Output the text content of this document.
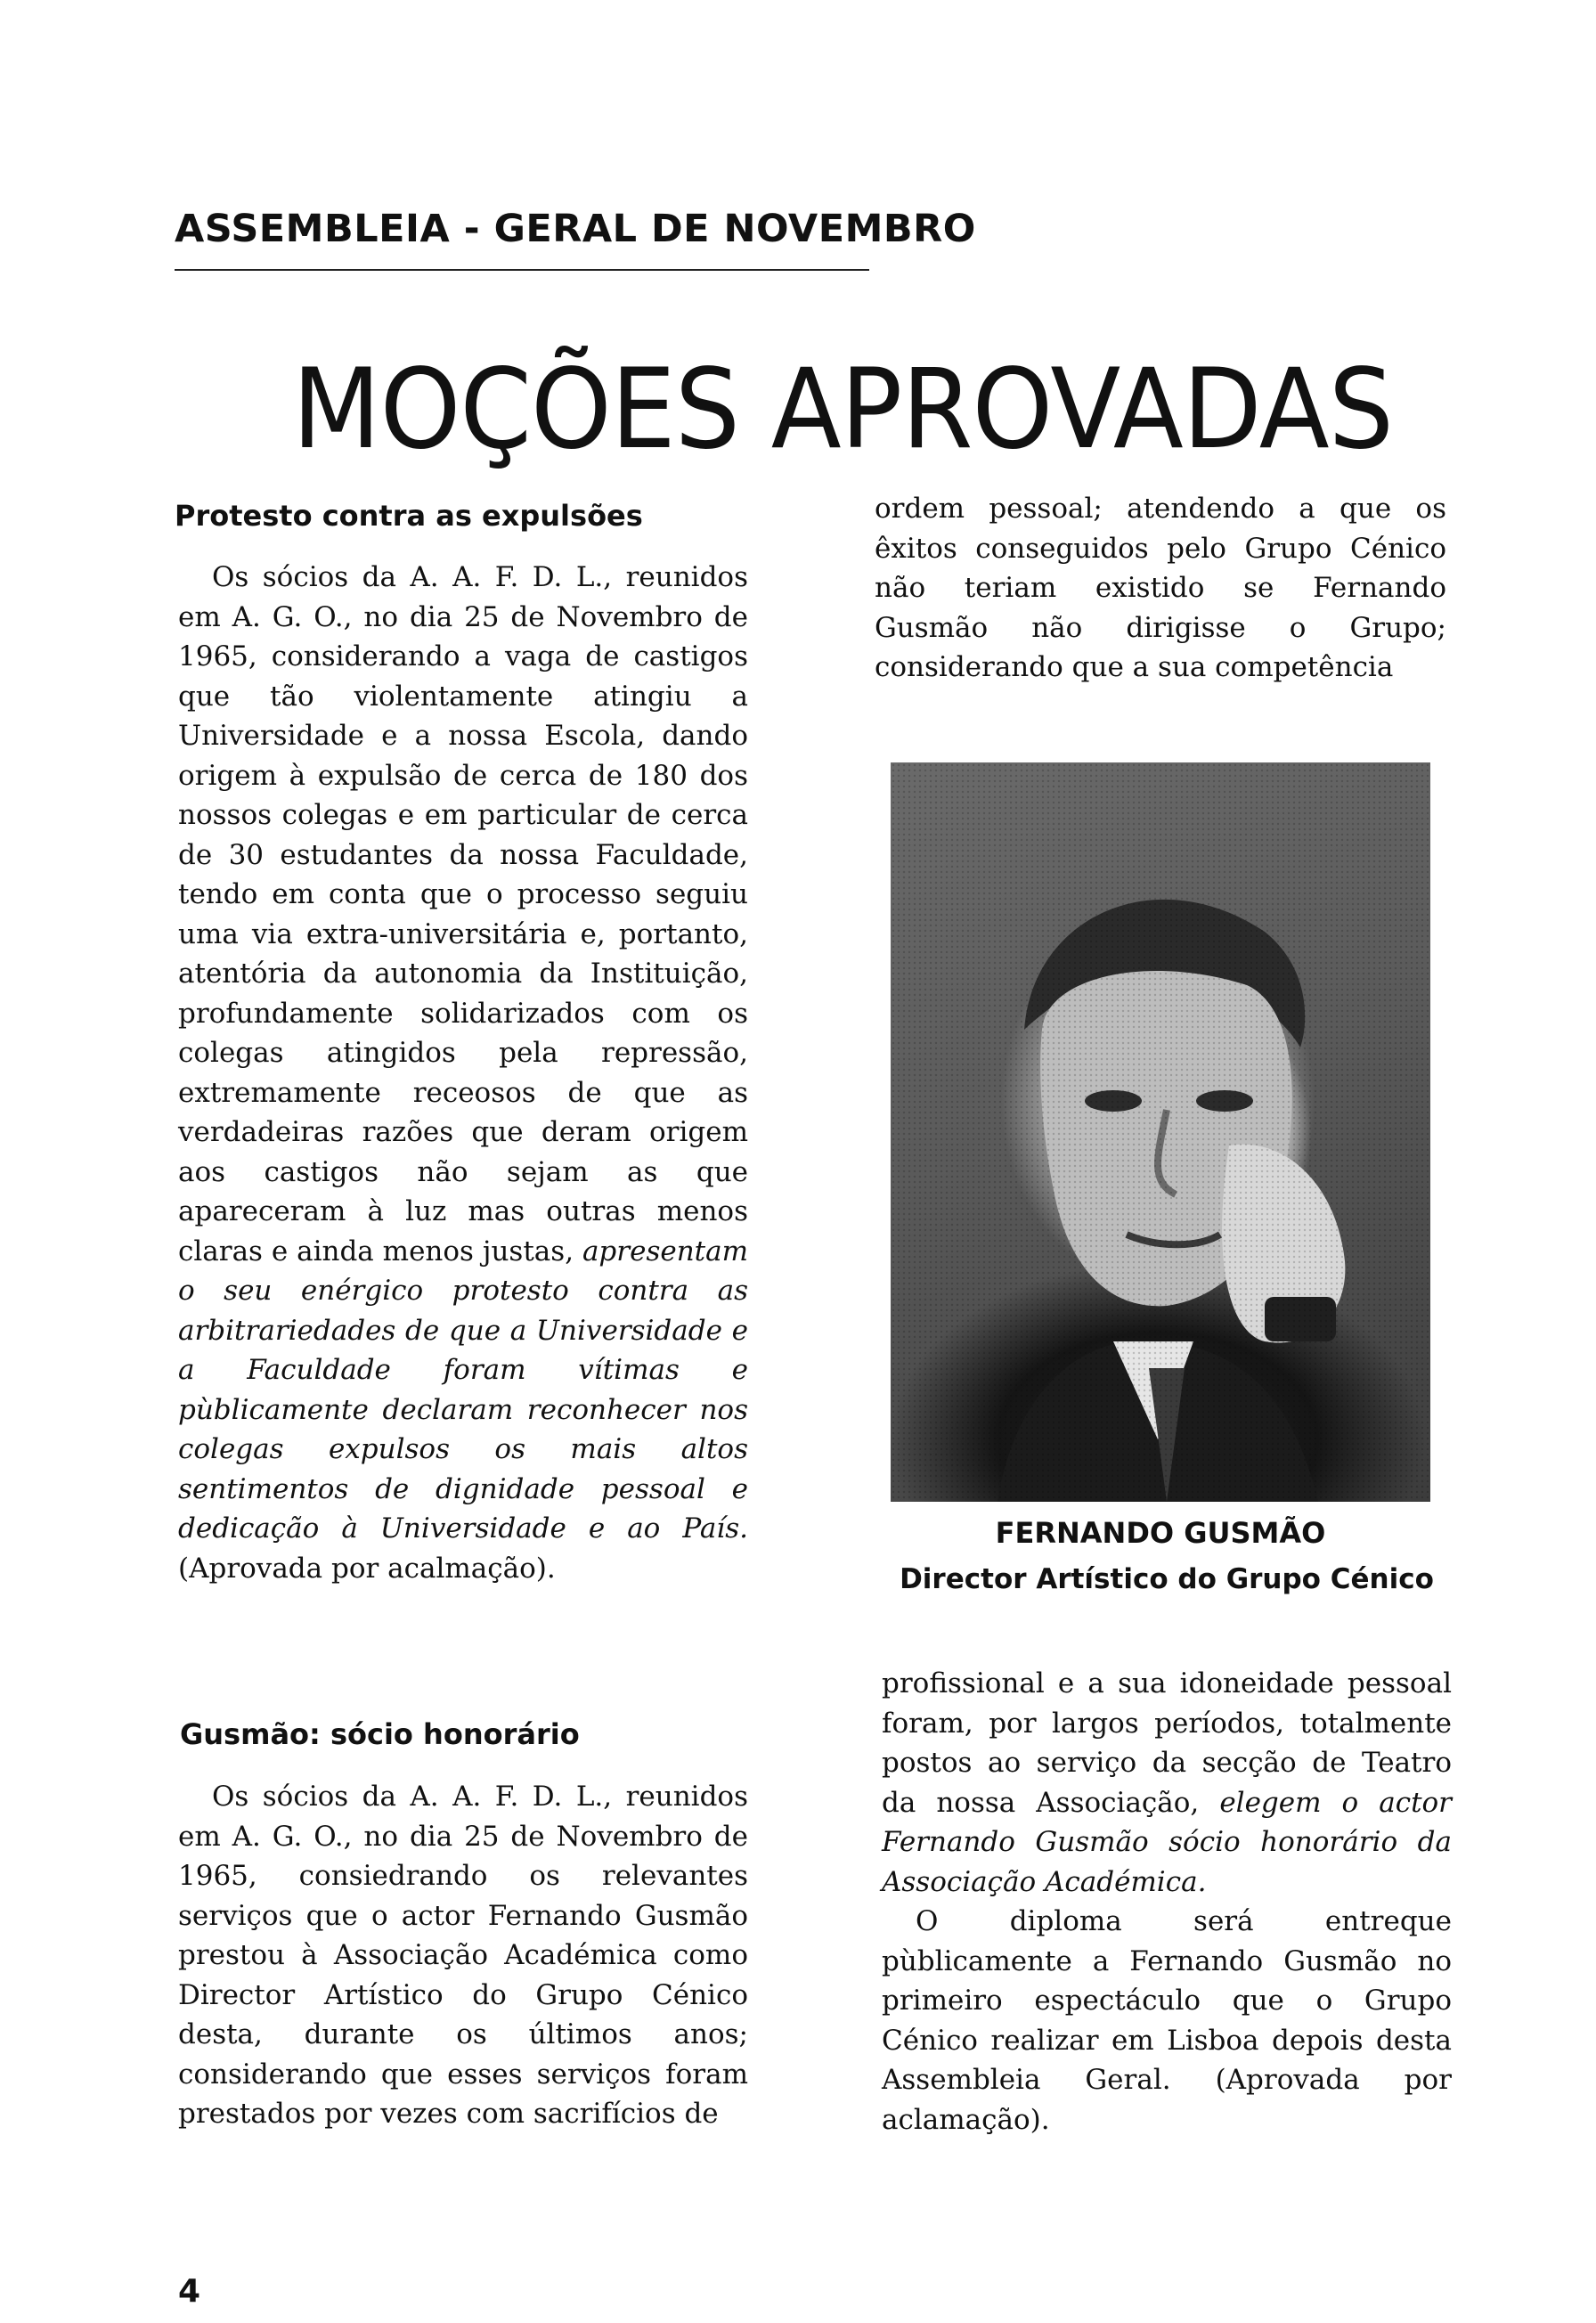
ASSEMBLEIA - GERAL DE NOVEMBRO
MOÇÕES APROVADAS
Protesto contra as expulsões

Os sócios da A. A. F. D. L., reunidos em A. G. O., no dia 25 de Novembro de 1965, considerando a vaga de castigos que tão violentamente atingiu a Universidade e a nossa Escola, dando origem à expulsão de cerca de 180 dos nossos colegas e em particular de cerca de 30 estudantes da nossa Faculdade, tendo em conta que o processo seguiu uma via extra-universitária e, portanto, atentória da autonomia da Instituição, profundamente solidarizados com os colegas atingidos pela repressão, extremamente receosos de que as verdadeiras razões que deram origem aos castigos não sejam as que apareceram à luz mas outras menos claras e ainda menos justas, apresentam o seu enérgico protesto contra as arbitrariedades de que a Universidade e a Faculdade foram vítimas e pùblicamente declaram reconhecer nos colegas expulsos os mais altos sentimentos de dignidade pessoal e dedicação à Universidade e ao País. (Aprovada por acalmação).

Gusmão: sócio honorário

Os sócios da A. A. F. D. L., reunidos em A. G. O., no dia 25 de Novembro de 1965, consiedrando os relevantes serviços que o actor Fernando Gusmão prestou à Associação Académica como Director Artístico do Grupo Cénico desta, durante os últimos anos; considerando que esses serviços foram prestados por vezes com sacrifícios de

ordem pessoal; atendendo a que os êxitos conseguidos pelo Grupo Cénico não teriam existido se Fernando Gusmão não dirigisse o Grupo; considerando que a sua competência

FERNANDO GUSMÃO
Director Artístico do Grupo Cénico

profissional e a sua idoneidade pessoal foram, por largos períodos, totalmente postos ao serviço da secção de Teatro da nossa Associação, elegem o actor Fernando Gusmão sócio honorário da Associação Académica.

O diploma será entreque pùblicamente a Fernando Gusmão no primeiro espectáculo que o Grupo Cénico realizar em Lisboa depois desta Assembleia Geral. (Aprovada por aclamação).

4
